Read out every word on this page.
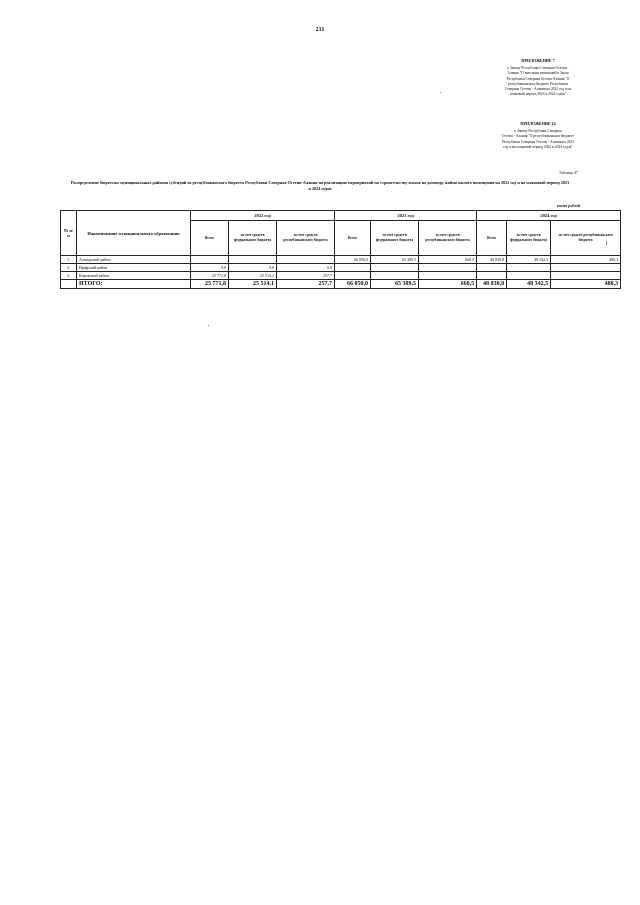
211
ПРИЛОЖЕНИЕ 7
к Закону Республики Северная Осетия -
Алания "О внесении изменений в Закон
Республики Северная Осетия-Алания "О
республиканском бюджете Республики
Северная Осетия - Алания на 2022 год и на
плановый период 2023 и 2024 годов"
ПРИЛОЖЕНИЕ 14
к Закону Республики Северная
Осетия - Алания "О республиканском бюджете
Республики Северная Осетия - Алания на 2022
год и на плановый период 2023 и 2024 годов"
Таблица 47
Распределение бюджетам муниципальных районов субсидий из республиканского бюджета Республики Северная Осетия-Алания на реализацию мероприятий по строительству жилья по договору найма жилого помещения на 2022 год и на плановый период 2023 и 2024 годов
тысяч рублей
№ п/п	Наименование муниципального образования	2022 год			2023 год			2024 год		
		Всего	за счет средств федерального бюджета	за счет средств республиканского бюджета	Всего	за счет средств федерального бюджета	за счет средств республиканского бюджета	Всего	за счет средств федерального бюджета	за счет средств республиканского бюджета
1.	Алагирский район				66 050,0	65 389,5	660,5	48 830,8	48 342,5	488,3
2.	Ирафский район	0,0	0,0	0,0						
3.	Кировский район	25 771,8	25 514,1	257,7						
	ИТОГО:	25 771,8	25 514,1	257,7	66 050,0	65 389,5	660,5	48 830,8	48 342,5	488,3
